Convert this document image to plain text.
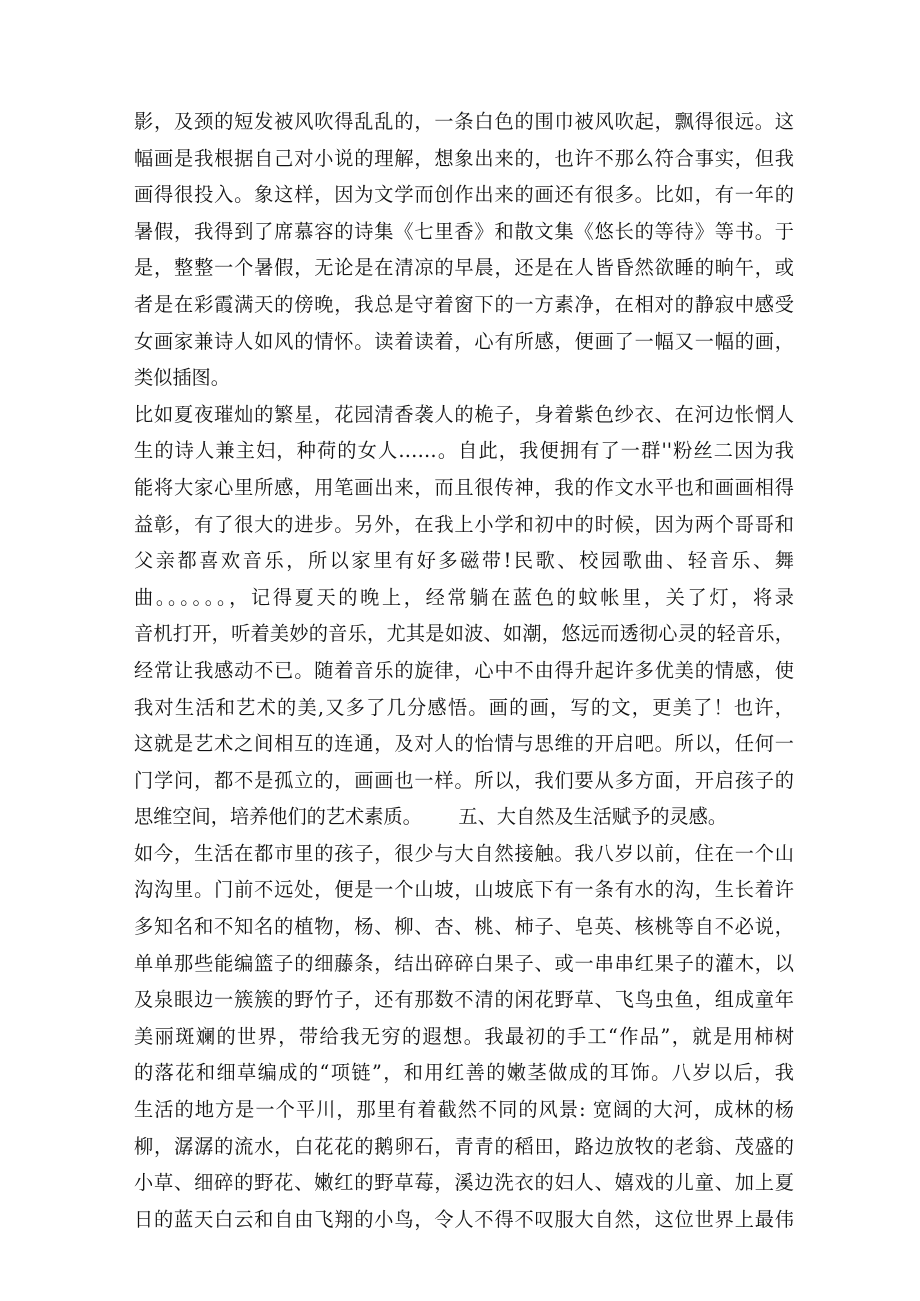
影，及颈的短发被风吹得乱乱的，一条白色的围巾被风吹起，飘得很远。这
幅画是我根据自己对小说的理解，想象出来的，也许不那么符合事实，但我
画得很投入。象这样，因为文学而创作出来的画还有很多。比如，有一年的
暑假，我得到了席慕容的诗集《七里香》和散文集《悠长的等待》等书。于
是，整整一个暑假，无论是在清凉的早晨，还是在人皆昏然欲睡的晌午，或
者是在彩霞满天的傍晚，我总是守着窗下的一方素净，在相对的静寂中感受
女画家兼诗人如风的情怀。读着读着，心有所感，便画了一幅又一幅的画，
类似插图。
比如夏夜璀灿的繁星，花园清香袭人的桅子，身着紫色纱衣、在河边怅惘人
生的诗人兼主妇，种荷的女人……。自此，我便拥有了一群''粉丝二因为我
能将大家心里所感，用笔画出来，而且很传神，我的作文水平也和画画相得
益彰，有了很大的进步。另外，在我上小学和初中的时候，因为两个哥哥和
父亲都喜欢音乐，所以家里有好多磁带!民歌、校园歌曲、轻音乐、舞
曲。。。。。。，记得夏天的晚上，经常躺在蓝色的蚊帐里，关了灯，将录
音机打开，听着美妙的音乐，尤其是如波、如潮，悠远而透彻心灵的轻音乐，
经常让我感动不已。随着音乐的旋律，心中不由得升起许多优美的情感，使
我对生活和艺术的美,又多了几分感悟。画的画，写的文，更美了！也许，
这就是艺术之间相互的连通，及对人的怡情与思维的开启吧。所以，任何一
门学问，都不是孤立的，画画也一样。所以，我们要从多方面，开启孩子的
思维空间，培养他们的艺术素质。      五、大自然及生活赋予的灵感。
如今，生活在都市里的孩子，很少与大自然接触。我八岁以前，住在一个山
沟沟里。门前不远处，便是一个山坡，山坡底下有一条有水的沟，生长着许
多知名和不知名的植物，杨、柳、杏、桃、柿子、皂英、核桃等自不必说，
单单那些能编篮子的细藤条，结出碎碎白果子、或一串串红果子的灌木，以
及泉眼边一簇簇的野竹子，还有那数不清的闲花野草、飞鸟虫鱼，组成童年
美丽斑斓的世界，带给我无穷的遐想。我最初的手工“作品”，就是用柿树
的落花和细草编成的“项链”，和用红善的嫩茎做成的耳饰。八岁以后，我
生活的地方是一个平川，那里有着截然不同的风景: 宽阔的大河，成林的杨
柳，潺潺的流水，白花花的鹅卵石，青青的稻田，路边放牧的老翁、茂盛的
小草、细碎的野花、嫩红的野草莓，溪边洗衣的妇人、嬉戏的儿童、加上夏
日的蓝天白云和自由飞翔的小鸟，令人不得不叹服大自然，这位世界上最伟
